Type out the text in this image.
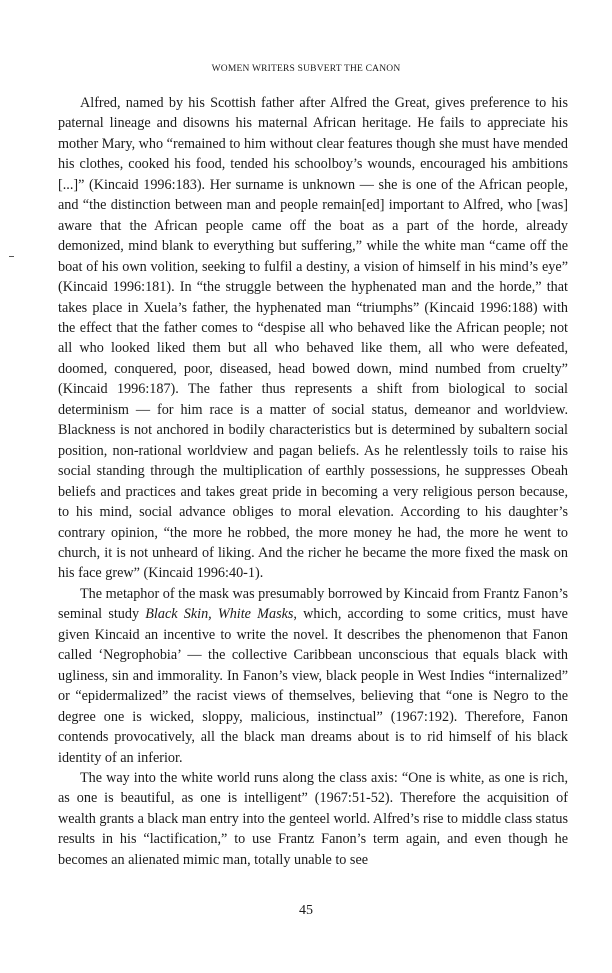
WOMEN WRITERS SUBVERT THE CANON

Alfred, named by his Scottish father after Alfred the Great, gives preference to his paternal lineage and disowns his maternal African heritage. He fails to appreciate his mother Mary, who “remained to him without clear features though she must have mended his clothes, cooked his food, tended his schoolboy’s wounds, encouraged his ambitions [...]” (Kincaid 1996:183). Her surname is unknown — she is one of the African people, and “the distinction between man and people remain[ed] important to Alfred, who [was] aware that the African people came off the boat as a part of the horde, already demonized, mind blank to everything but suffering,” while the white man “came off the boat of his own volition, seeking to fulfil a destiny, a vision of himself in his mind’s eye” (Kincaid 1996:181). In “the struggle between the hyphenated man and the horde,” that takes place in Xuela’s father, the hyphenated man “triumphs” (Kincaid 1996:188) with the effect that the father comes to “despise all who behaved like the African people; not all who looked liked them but all who behaved like them, all who were defeated, doomed, conquered, poor, diseased, head bowed down, mind numbed from cruelty” (Kincaid 1996:187). The father thus represents a shift from biological to social determinism — for him race is a matter of social status, demeanor and worldview. Blackness is not anchored in bodily characteristics but is determined by subaltern social position, non-rational worldview and pagan beliefs. As he relentlessly toils to raise his social standing through the multiplication of earthly possessions, he suppresses Obeah beliefs and practices and takes great pride in becoming a very religious person because, to his mind, social advance obliges to moral elevation. According to his daughter’s contrary opinion, “the more he robbed, the more money he had, the more he went to church, it is not unheard of liking. And the richer he became the more fixed the mask on his face grew” (Kincaid 1996:40-1).

The metaphor of the mask was presumably borrowed by Kincaid from Frantz Fanon’s seminal study Black Skin, White Masks, which, according to some critics, must have given Kincaid an incentive to write the novel. It describes the phenomenon that Fanon called ‘Negrophobia’ — the collective Caribbean unconscious that equals black with ugliness, sin and immorality. In Fanon’s view, black people in West Indies “internalized” or “epidermalized” the racist views of themselves, believing that “one is Negro to the degree one is wicked, sloppy, malicious, instinctual” (1967:192). Therefore, Fanon contends provocatively, all the black man dreams about is to rid himself of his black identity of an inferior.

The way into the white world runs along the class axis: “One is white, as one is rich, as one is beautiful, as one is intelligent” (1967:51-52). Therefore the acquisition of wealth grants a black man entry into the genteel world. Alfred’s rise to middle class status results in his “lactification,” to use Frantz Fanon’s term again, and even though he becomes an alienated mimic man, totally unable to see

45
